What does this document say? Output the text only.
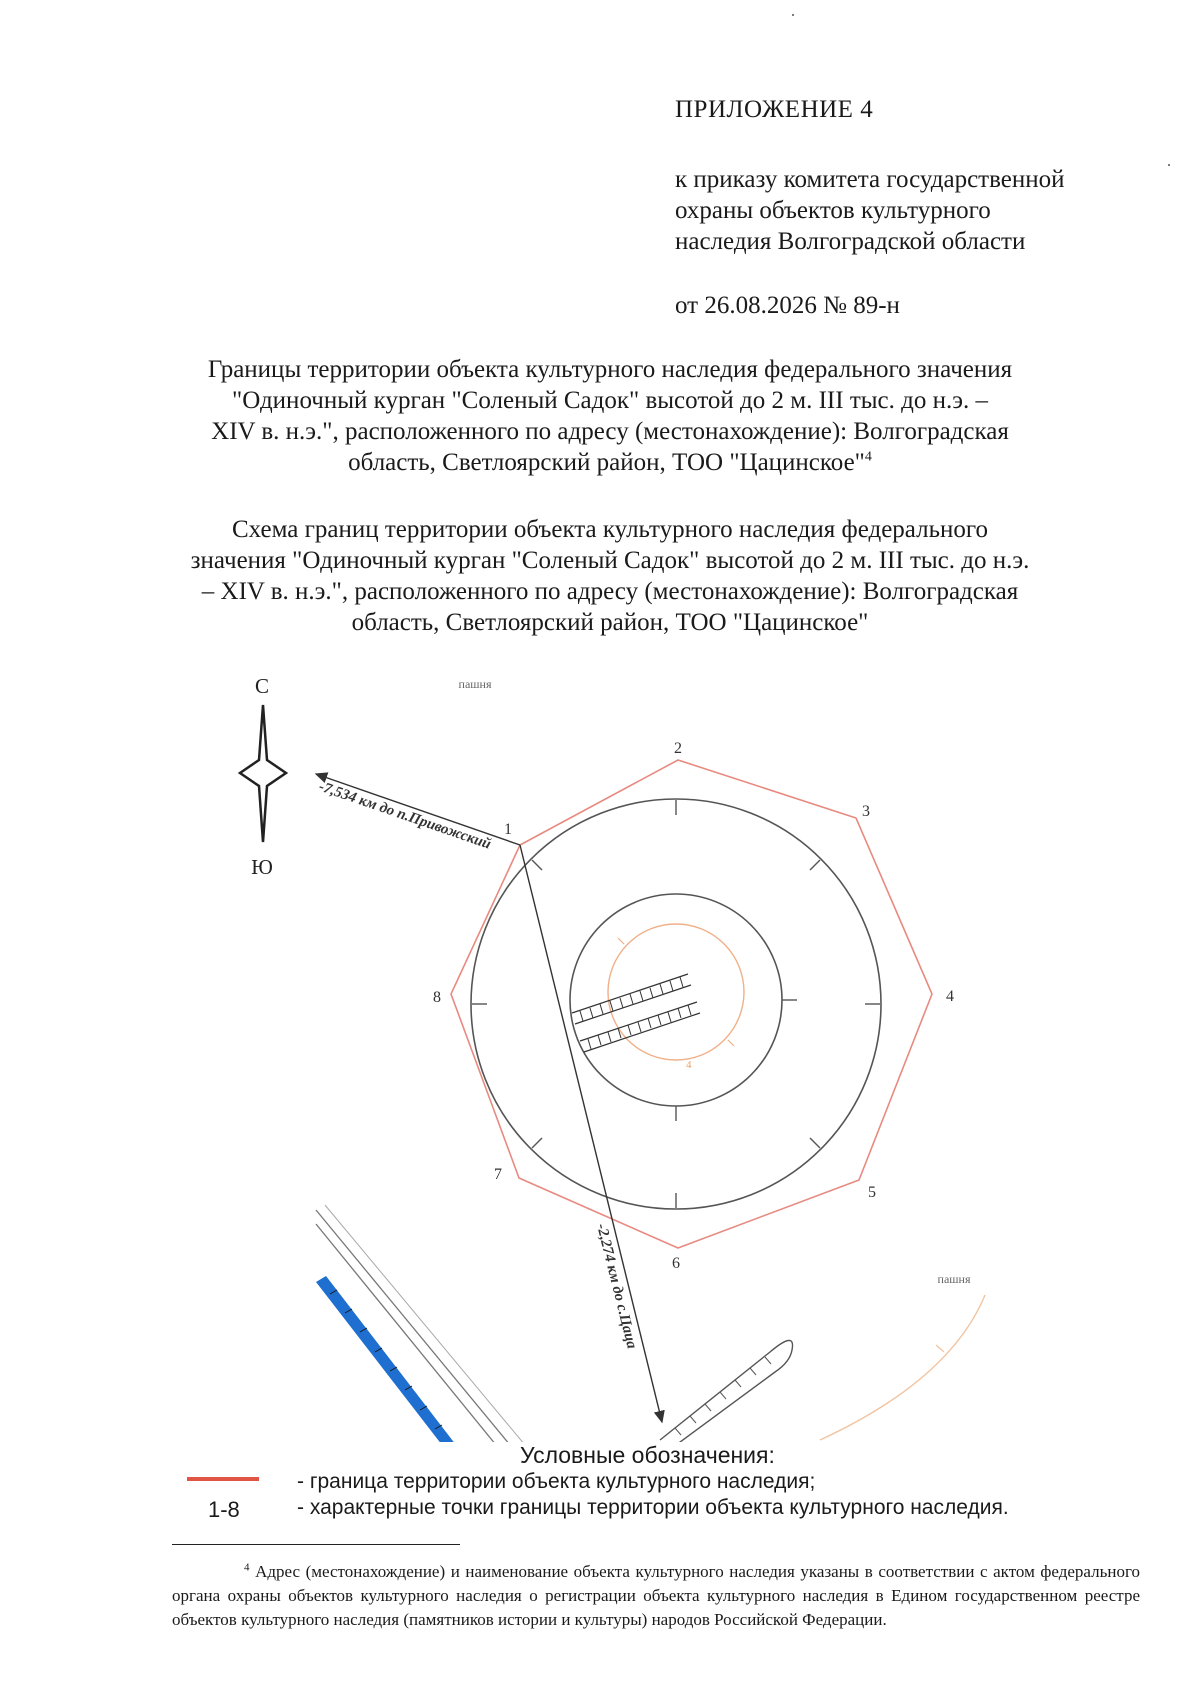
ПРИЛОЖЕНИЕ 4
к приказу комитета государственной
охраны объектов культурного
наследия Волгоградской области
от 26.08.2026 № 89-н
Границы территории объекта культурного наследия федерального значения
"Одиночный курган "Соленый Садок" высотой до 2 м. III тыс. до н.э. –
XIV в. н.э.", расположенного по адресу (местонахождение): Волгоградская
область, Светлоярский район, ТОО "Цацинское"$^4$
Схема границ территории объекта культурного наследия федерального
значения "Одиночный курган "Соленый Садок" высотой до 2 м. III тыс. до н.э.
– XIV в. н.э.", расположенного по адресу (местонахождение): Волгоградская
область, Светлоярский район, ТОО "Цацинское"
С
Ю
пашня
пашня
4
-7,534 км до п.Привожский
-2,274 км до с.Цаца
1
2
3
4
5
6
7
8
Условные обозначения:
1-8
- граница территории объекта культурного наследия;
- характерные точки границы территории объекта культурного наследия.
$^4$ Адрес (местонахождение) и наименование объекта культурного наследия указаны в соответствии с актом федерального органа охраны объектов культурного наследия о регистрации объекта культурного наследия в Едином государственном реестре объектов культурного наследия (памятников истории и культуры) народов Российской Федерации.
